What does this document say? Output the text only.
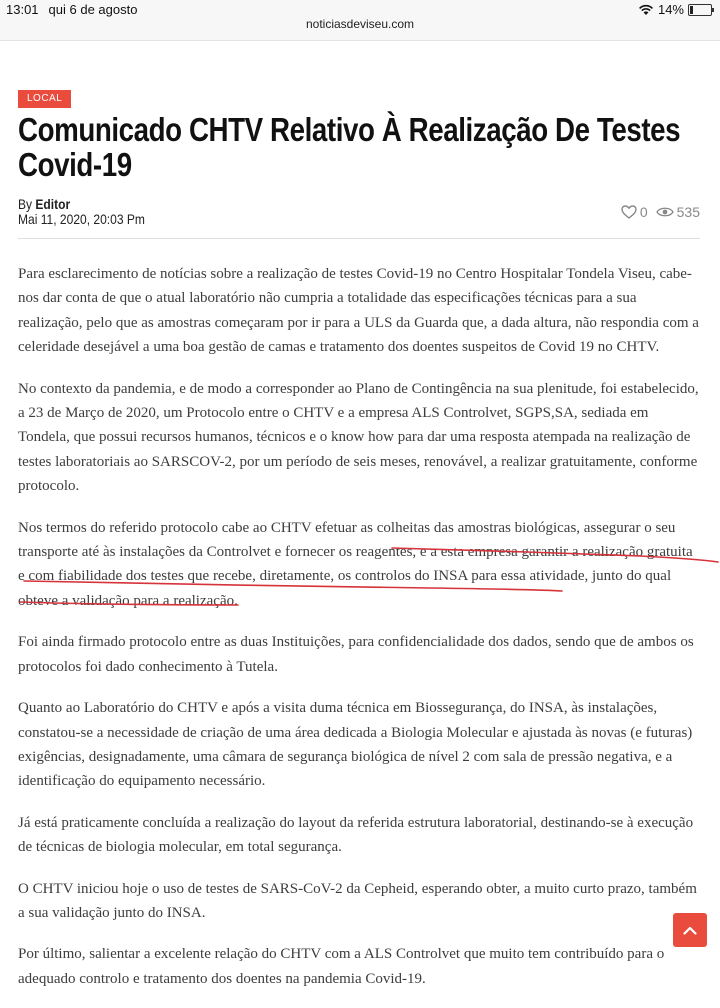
13:01 qui 6 de agosto
noticiasdeviseu.com
14%
LOCAL
Comunicado CHTV Relativo À Realização De Testes Covid-19
By Editor
Mai 11, 2020, 20:03 Pm	0 535

Para esclarecimento de notícias sobre a realização de testes Covid-19 no Centro Hospitalar Tondela Viseu, cabe-nos dar conta de que o atual laboratório não cumpria a totalidade das especificações técnicas para a sua realização, pelo que as amostras começaram por ir para a ULS da Guarda que, a dada altura, não respondia com a celeridade desejável a uma boa gestão de camas e tratamento dos doentes suspeitos de Covid 19 no CHTV.

No contexto da pandemia, e de modo a corresponder ao Plano de Contingência na sua plenitude, foi estabelecido, a 23 de Março de 2020, um Protocolo entre o CHTV e a empresa ALS Controlvet, SGPS,SA, sediada em Tondela, que possui recursos humanos, técnicos e o know how para dar uma resposta atempada na realização de testes laboratoriais ao SARSCOV-2, por um período de seis meses, renovável, a realizar gratuitamente, conforme protocolo.

Nos termos do referido protocolo cabe ao CHTV efetuar as colheitas das amostras biológicas, assegurar o seu transporte até às instalações da Controlvet e fornecer os reagentes, e a esta empresa garantir a realização gratuita e com fiabilidade dos testes que recebe, diretamente, os controlos do INSA para essa atividade, junto do qual obteve a validação para a realização.

Foi ainda firmado protocolo entre as duas Instituições, para confidencialidade dos dados, sendo que de ambos os protocolos foi dado conhecimento à Tutela.

Quanto ao Laboratório do CHTV e após a visita duma técnica em Biossegurança, do INSA, às instalações, constatou-se a necessidade de criação de uma área dedicada a Biologia Molecular e ajustada às novas (e futuras) exigências, designadamente, uma câmara de segurança biológica de nível 2 com sala de pressão negativa, e a identificação do equipamento necessário.

Já está praticamente concluída a realização do layout da referida estrutura laboratorial, destinando-se à execução de técnicas de biologia molecular, em total segurança.

O CHTV iniciou hoje o uso de testes de SARS-CoV-2 da Cepheid, esperando obter, a muito curto prazo, também a sua validação junto do INSA.

Por último, salientar a excelente relação do CHTV com a ALS Controlvet que muito tem contribuído para o adequado controlo e tratamento dos doentes na pandemia Covid-19.
